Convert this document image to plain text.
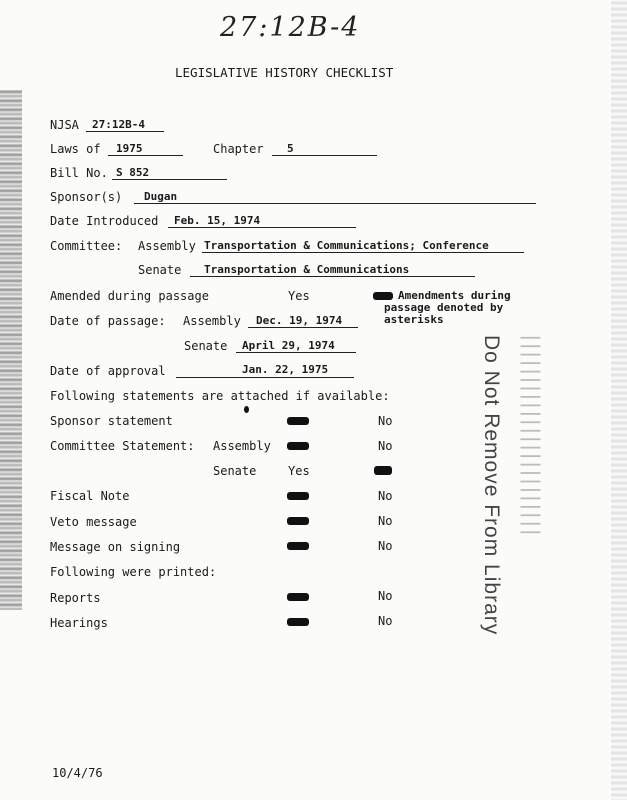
27:12B-4
LEGISLATIVE HISTORY CHECKLIST
NJSA 27:12B-4
Laws of 1975	Chapter 5
Bill No. S 852
Sponsor(s) Dugan
Date Introduced Feb. 15, 1974
Committee: Assembly Transportation & Communications; Conference
Senate Transportation & Communications
Amended during passage	Yes	Amendments during
passage denoted by
asterisks
Date of passage: Assembly Dec. 19, 1974
Senate April 29, 1974
Date of approval	Jan. 22, 1975
Following statements are attached if available:
Sponsor statement	No
Committee Statement: Assembly	No
Senate	Yes
Fiscal Note	No
Veto message	No
Message on signing	No
Following were printed:
Reports	No
Hearings	No	Do Not Remove From Library ||||||||||||||||||||||||
10/4/76
